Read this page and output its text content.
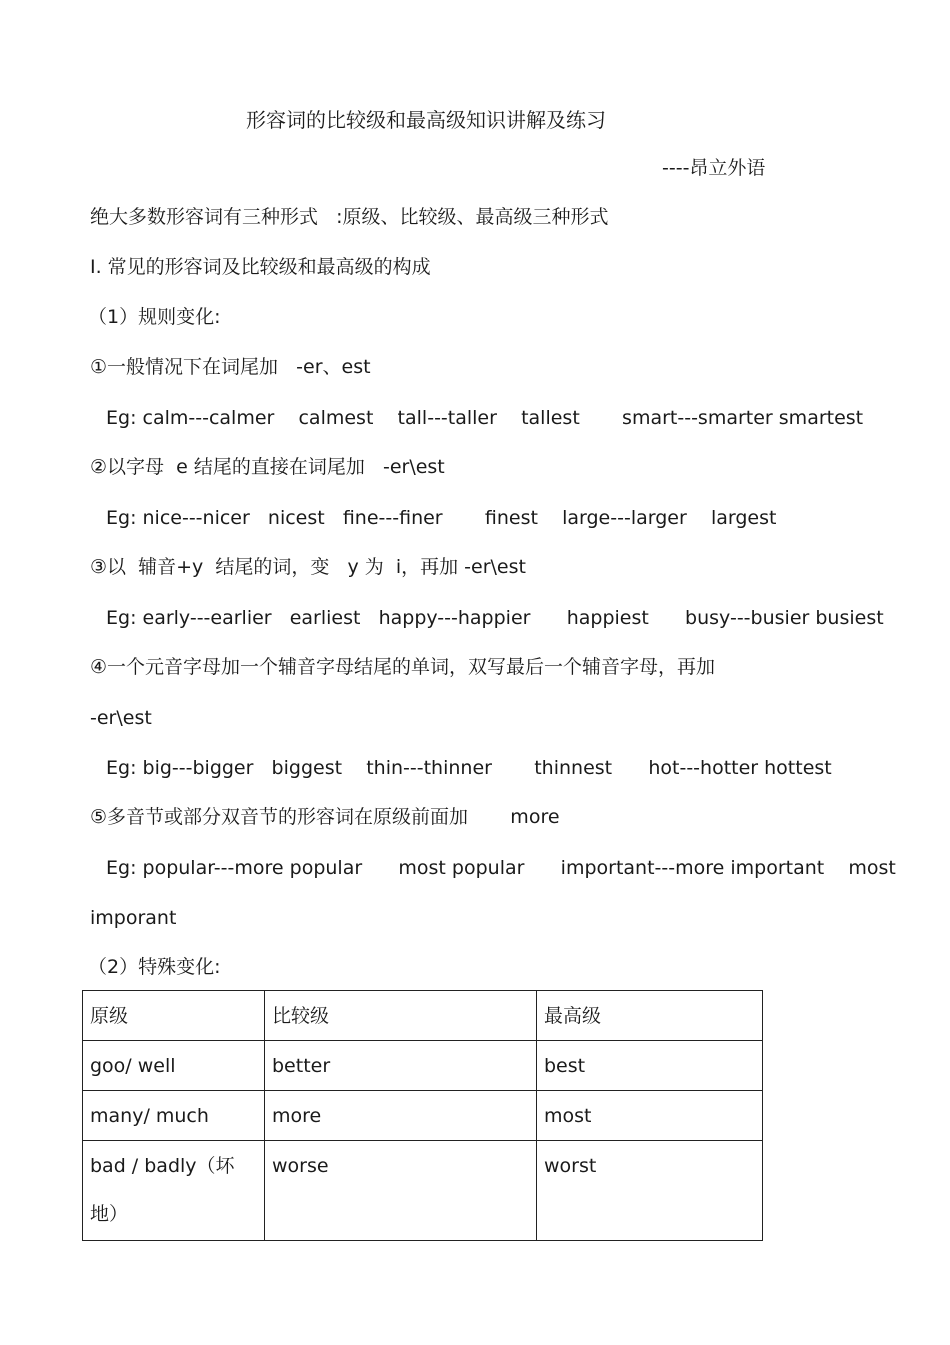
形容词的比较级和最高级知识讲解及练习
----昂立外语
绝大多数形容词有三种形式   :原级、比较级、最高级三种形式
Ⅰ. 常见的形容词及比较级和最高级的构成
（1）规则变化:
①一般情况下在词尾加   -er、est
Eg: calm---calmer    calmest    tall---taller    tallest       smart---smarter smartest
②以字母  e 结尾的直接在词尾加   -er\est
Eg: nice---nicer   nicest   fine---finer       finest    large---larger    largest
③以  辅音+y  结尾的词，变   y 为  i，再加 -er\est
Eg: early---earlier   earliest   happy---happier      happiest      busy---busier busiest
④一个元音字母加一个辅音字母结尾的单词，双写最后一个辅音字母，再加
-er\est
Eg: big---bigger   biggest    thin---thinner       thinnest      hot---hotter hottest
⑤多音节或部分双音节的形容词在原级前面加       more
Eg: popular---more popular      most popular      important---more important    most
imporant
（2）特殊变化:
原级	比较级	最高级
goo/ well	better	best
many/ much	more	most

bad / badly（坏地）	worse	worst
